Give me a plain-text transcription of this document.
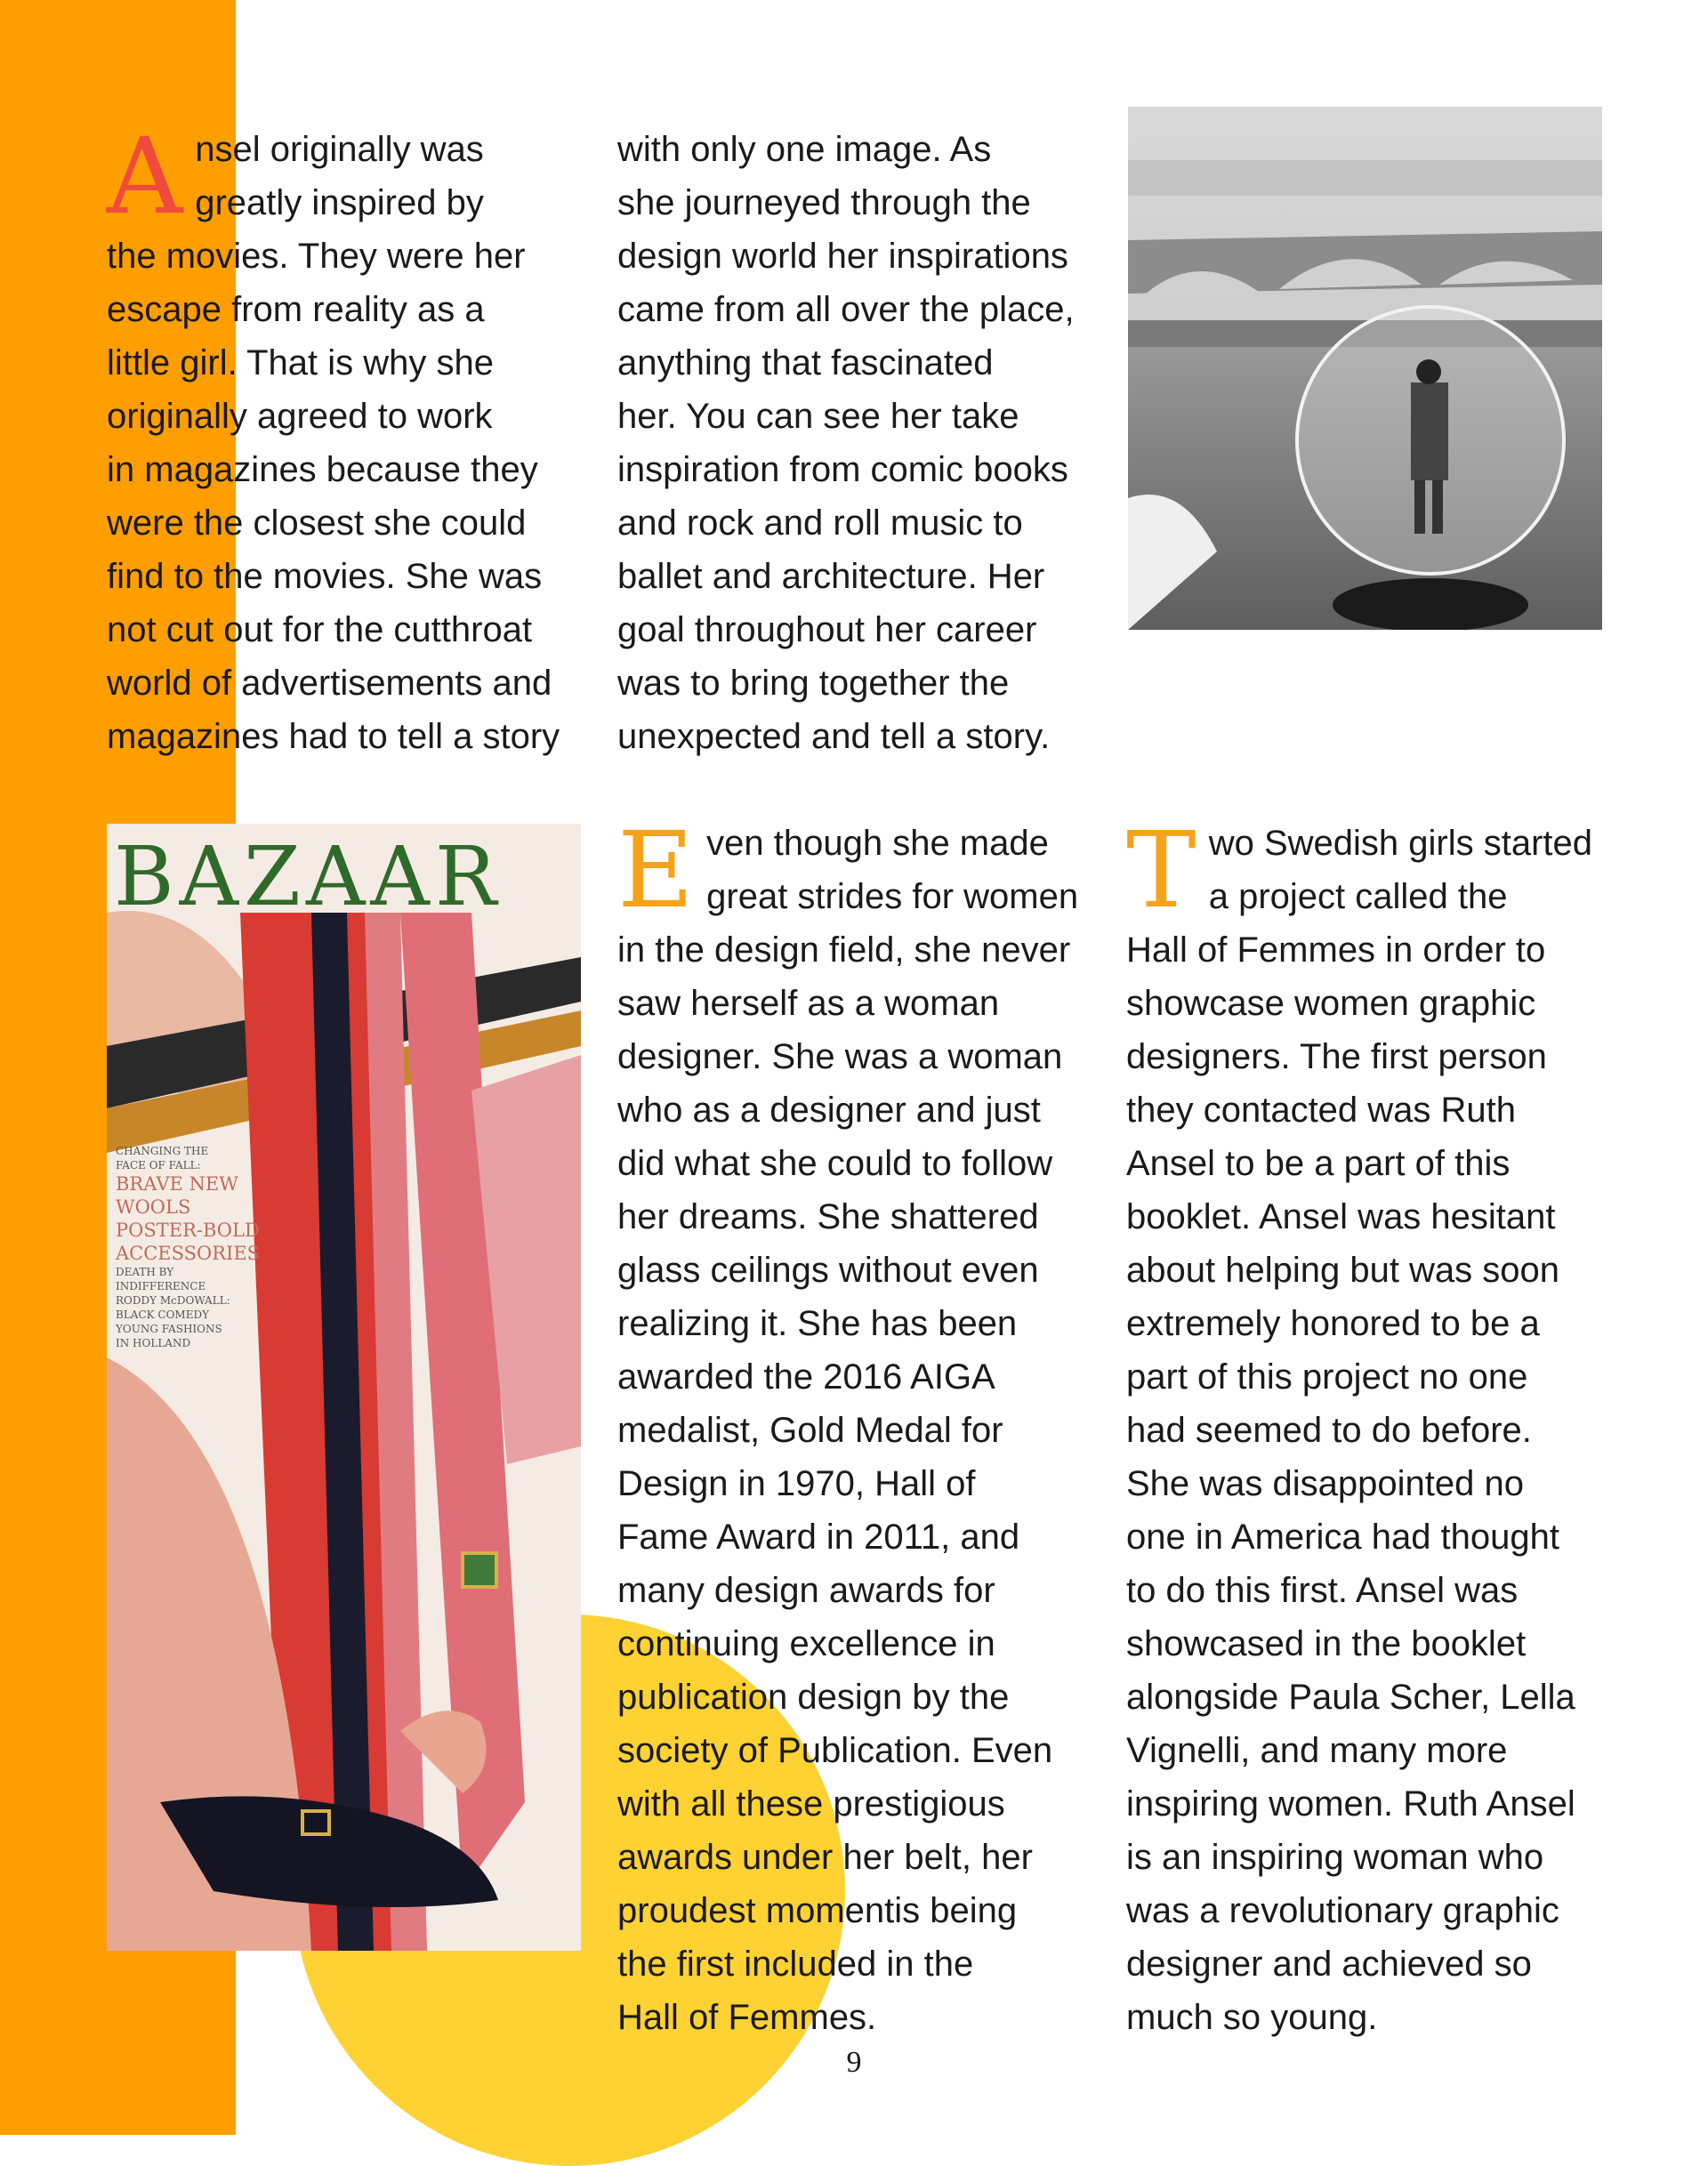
A nsel originally was
greatly inspired by
the movies. They were her
escape from reality as a
little girl. That is why she
originally agreed to work
in magazines because they
were the closest she could
find to the movies. She was
not cut out for the cutthroat
world of advertisements and
magazines had to tell a story
with only one image. As
she journeyed through the
design world her inspirations
came from all over the place,
anything that fascinated
her. You can see her take
inspiration from comic books
and rock and roll music to
ballet and architecture. Her
goal throughout her career
was to bring together the
unexpected and tell a story.
BAZAAR
CHANGING THE
FACE OF FALL:
BRAVE NEW
WOOLS
POSTER-BOLD
ACCESSORIES
DEATH BY
INDIFFERENCE
RODDY McDOWALL:
BLACK COMEDY
YOUNG FASHIONS
IN HOLLAND
E ven though she made
great strides for women
in the design field, she never
saw herself as a woman
designer. She was a woman
who as a designer and just
did what she could to follow
her dreams. She shattered
glass ceilings without even
realizing it. She has been
awarded the 2016 AIGA
medalist, Gold Medal for
Design in 1970, Hall of
Fame Award in 2011, and
many design awards for
continuing excellence in
publication design by the
society of Publication. Even
with all these prestigious
awards under her belt, her
proudest momentis being
the first included in the
Hall of Femmes.
T wo Swedish girls started
a project called the
Hall of Femmes in order to
showcase women graphic
designers. The first person
they contacted was Ruth
Ansel to be a part of this
booklet. Ansel was hesitant
about helping but was soon
extremely honored to be a
part of this project no one
had seemed to do before.
She was disappointed no
one in America had thought
to do this first. Ansel was
showcased in the booklet
alongside Paula Scher, Lella
Vignelli, and many more
inspiring women. Ruth Ansel
is an inspiring woman who
was a revolutionary graphic
designer and achieved so
much so young.
9
